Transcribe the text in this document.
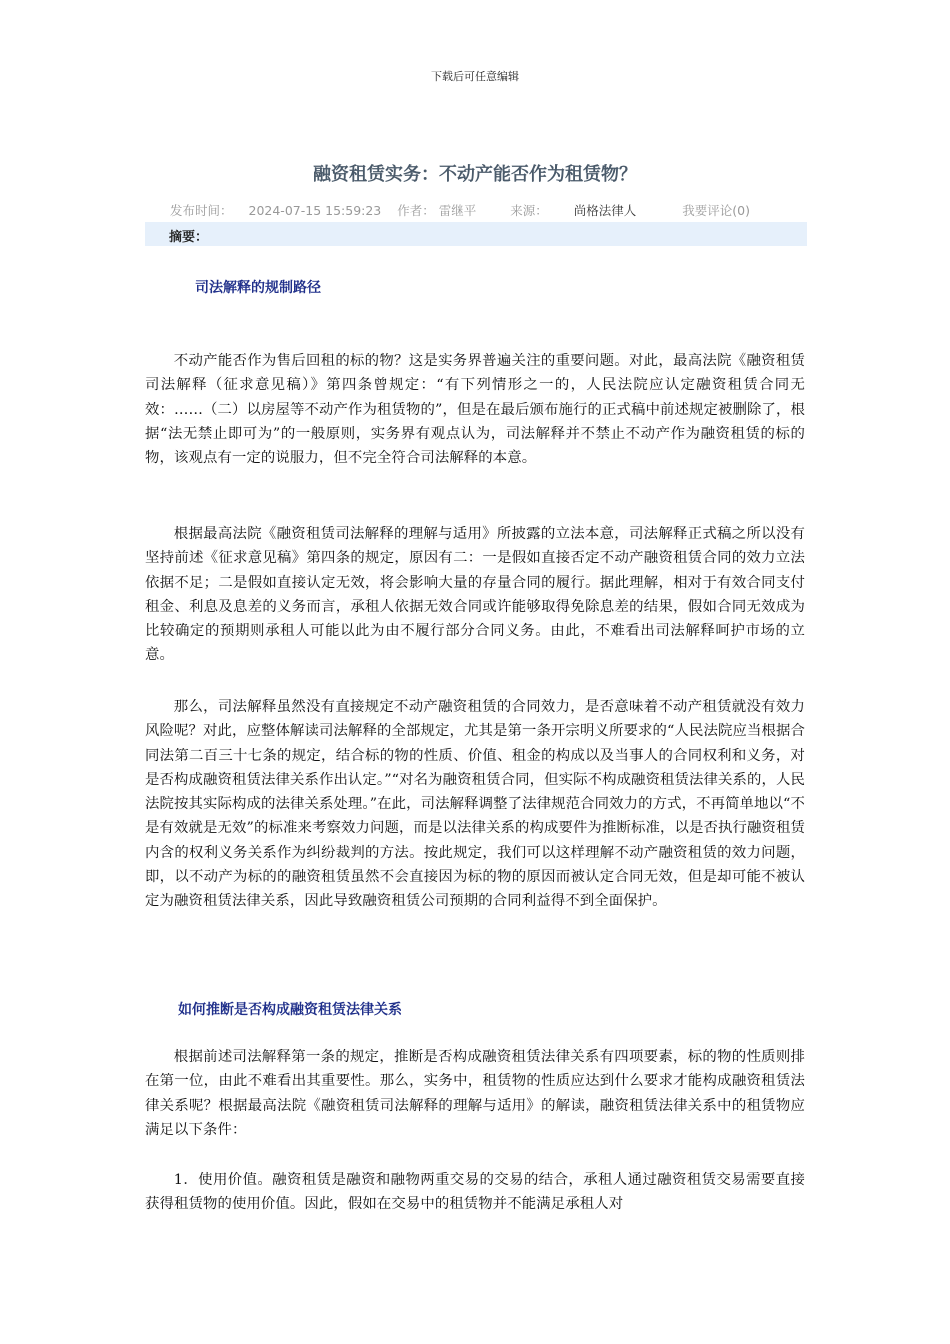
下载后可任意编辑
融资租赁实务：不动产能否作为租赁物？
发布时间： 2024-07-15 15:59:23 作者： 雷继平	来源： 尚格法律人	我要评论(0)
摘要：
司法解释的规制路径
不动产能否作为售后回租的标的物？这是实务界普遍关注的重要问题。对此，最高法院《融资租赁司法解释（征求意见稿）》第四条曾规定：“有下列情形之一的，人民法院应认定融资租赁合同无效：……（二）以房屋等不动产作为租赁物的”，但是在最后颁布施行的正式稿中前述规定被删除了，根据“法无禁止即可为”的一般原则，实务界有观点认为，司法解释并不禁止不动产作为融资租赁的标的物，该观点有一定的说服力，但不完全符合司法解释的本意。
根据最高法院《融资租赁司法解释的理解与适用》所披露的立法本意，司法解释正式稿之所以没有坚持前述《征求意见稿》第四条的规定，原因有二：一是假如直接否定不动产融资租赁合同的效力立法依据不足；二是假如直接认定无效，将会影响大量的存量合同的履行。据此理解，相对于有效合同支付租金、利息及息差的义务而言，承租人依据无效合同或许能够取得免除息差的结果，假如合同无效成为比较确定的预期则承租人可能以此为由不履行部分合同义务。由此，不难看出司法解释呵护市场的立意。
那么，司法解释虽然没有直接规定不动产融资租赁的合同效力，是否意味着不动产租赁就没有效力风险呢？对此，应整体解读司法解释的全部规定，尤其是第一条开宗明义所要求的“人民法院应当根据合同法第二百三十七条的规定，结合标的物的性质、价值、租金的构成以及当事人的合同权利和义务，对是否构成融资租赁法律关系作出认定。”“对名为融资租赁合同，但实际不构成融资租赁法律关系的，人民法院按其实际构成的法律关系处理。”在此，司法解释调整了法律规范合同效力的方式，不再简单地以“不是有效就是无效”的标准来考察效力问题，而是以法律关系的构成要件为推断标准，以是否执行融资租赁内含的权利义务关系作为纠纷裁判的方法。按此规定，我们可以这样理解不动产融资租赁的效力问题，即，以不动产为标的的融资租赁虽然不会直接因为标的物的原因而被认定合同无效，但是却可能不被认定为融资租赁法律关系，因此导致融资租赁公司预期的合同利益得不到全面保护。
如何推断是否构成融资租赁法律关系
根据前述司法解释第一条的规定，推断是否构成融资租赁法律关系有四项要素，标的物的性质则排在第一位，由此不难看出其重要性。那么，实务中，租赁物的性质应达到什么要求才能构成融资租赁法律关系呢？根据最高法院《融资租赁司法解释的理解与适用》的解读，融资租赁法律关系中的租赁物应满足以下条件：
1．使用价值。融资租赁是融资和融物两重交易的交易的结合，承租人通过融资租赁交易需要直接获得租赁物的使用价值。因此，假如在交易中的租赁物并不能满足承租人对
